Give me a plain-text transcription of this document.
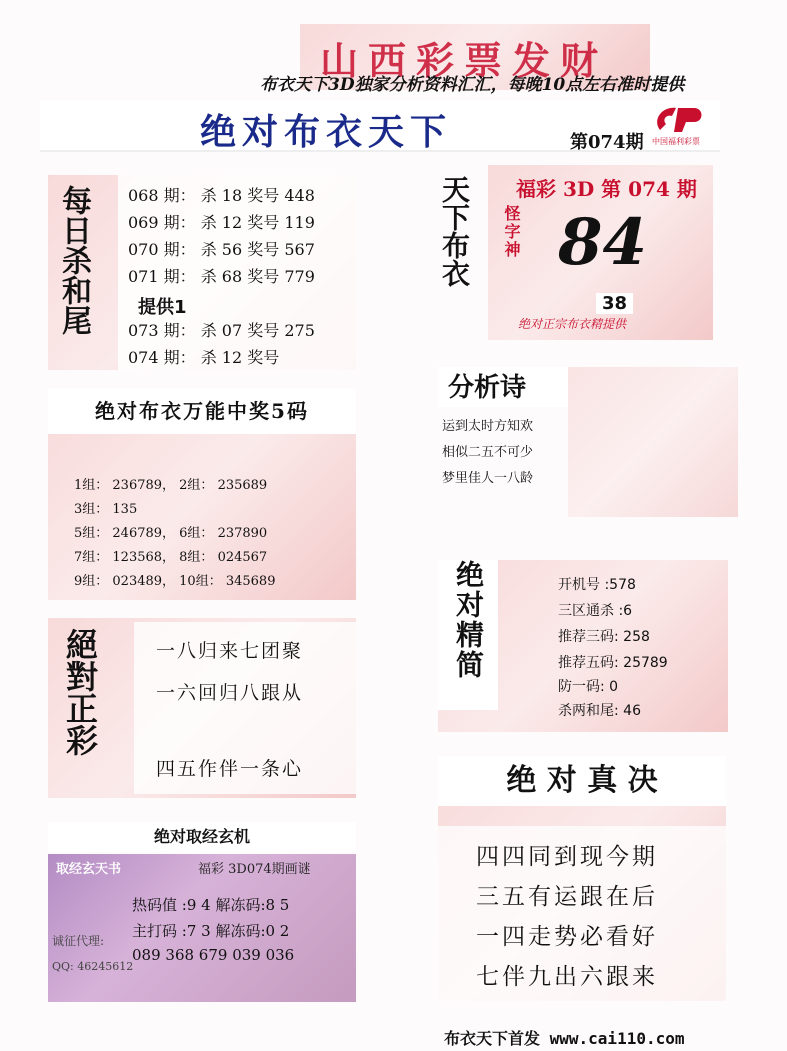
山西彩票发财
布衣天下3D独家分析资料汇汇，每晚10点左右准时提供
绝对布衣天下	第074期 中国福利彩票
每日杀和尾 068 期： 杀 18 奖号 448
069 期： 杀 12 奖号 119
070 期： 杀 56 奖号 567
071 期： 杀 68 奖号 779
提供1
073 期： 杀 07 奖号 275
074 期： 杀 12 奖号
绝对布衣万能中奖5码
1组： 236789， 2组： 235689
3组： 135
5组： 246789， 6组： 237890
7组： 123568， 8组： 024567
9组： 023489， 10组： 345689
天下布衣 福彩 3D 第 074 期
怪字神 84
绝对正宗布衣精提供
38
分析诗
运到太时方知欢
相似二五不可少
梦里佳人一八龄
絕對正彩	一八归来七团聚
一六回归八跟从
四五作伴一条心
绝对精简	开机号 :578
三区通杀 :6
推荐三码: 258
推荐五码: 25789
防一码: 0
杀两和尾: 46
绝 对 真 决
四四同到现今期
三五有运跟在后
一四走势必看好
七伴九出六跟来
绝对取经玄机
取经玄天书	福彩 3D074期画谜
热码值 :9 4 解冻码:8 5
主打码 :7 3 解冻码:0 2
089 368 679 039 036
诚征代理:
QQ: 46245612
布衣天下首发 www.cai110.com
